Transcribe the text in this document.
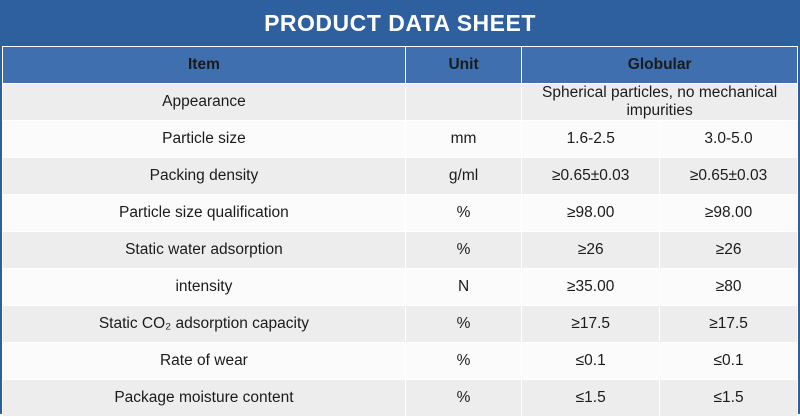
PRODUCT DATA SHEET
Item	Unit	Globular	
Appearance		Spherical particles, no mechanical impurities	
Particle size	mm	1.6-2.5	3.0-5.0
Packing density	g/ml	≥0.65±0.03	≥0.65±0.03
Particle size qualification	%	≥98.00	≥98.00
Static water adsorption	%	≥26	≥26
intensity	N	≥35.00	≥80
Static CO₂ adsorption capacity	%	≥17.5	≥17.5
Rate of wear	%	≤0.1	≤0.1
Package moisture content	%	≤1.5	≤1.5
